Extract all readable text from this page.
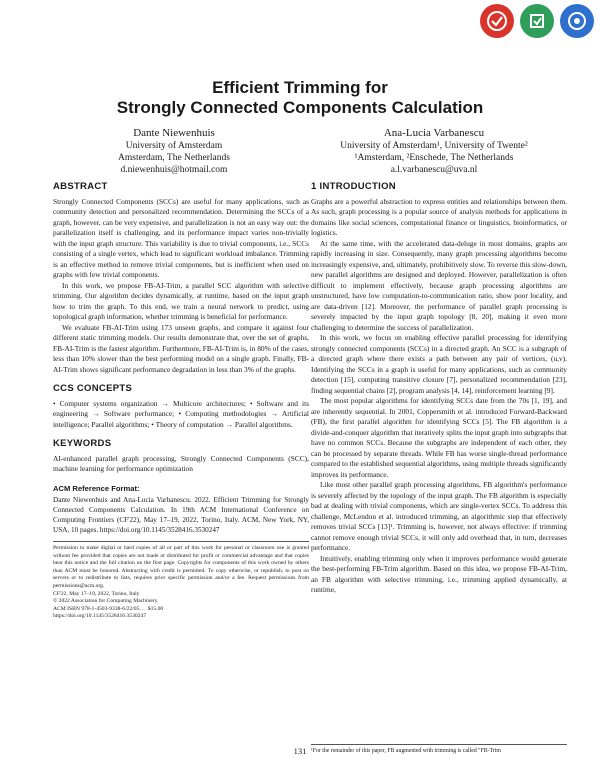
Efficient Trimming for
Strongly Connected Components Calculation
Dante Niewenhuis
University of Amsterdam
Amsterdam, The Netherlands
d.niewenhuis@hotmail.com
Ana-Lucia Varbanescu
University of Amsterdam¹, University of Twente²
¹Amsterdam, ²Enschede, The Netherlands
a.l.varbanescu@uva.nl
ABSTRACT

Strongly Connected Components (SCCs) are useful for many applications, such as community detection and personalized recommendation. Determining the SCCs of a graph, however, can be very expensive, and parallelization is not an easy way out: the parallelization itself is challenging, and its performance impact varies non-trivially with the input graph structure. This variability is due to trivial components, i.e., SCCs consisting of a single vertex, which lead to significant workload imbalance. Trimming is an effective method to remove trivial components, but is inefficient when used on graphs with few trivial components.

In this work, we propose FB-AI-Trim, a parallel SCC algorithm with selective trimming. Our algorithm decides dynamically, at runtime, based on the input graph how to trim the graph. To this end, we train a neural network to predict, using topological graph information, whether trimming is beneficial for performance.

We evaluate FB-AI-Trim using 173 unseen graphs, and compare it against four different static trimming models. Our results demonstrate that, over the set of graphs, FB-AI-Trim is the fastest algorithm. Furthermore, FB-AI-Trim is, in 80% of the cases, less than 10% slower than the best performing model on a single graph. Finally, FB-AI-Trim shows significant performance degradation in less than 3% of the graphs.

CCS CONCEPTS

• Computer systems organization → Multicore architectures; • Software and its engineering → Software performance; • Computing methodologies → Artificial intelligence; Parallel algorithms; • Theory of computation → Parallel algorithms.

KEYWORDS

AI-enhanced parallel graph processing, Strongly Connected Components (SCC), machine learning for performance optimization

ACM Reference Format:

Dante Niewenhuis and Ana-Lucia Varbanescu. 2022. Efficient Trimming for Strongly Connected Components Calculation. In 19th ACM International Conference on Computing Frontiers (CF'22), May 17–19, 2022, Torino, Italy. ACM, New York, NY, USA, 10 pages. https://doi.org/10.1145/3528416.3530247

Permission to make digital or hard copies of all or part of this work for personal or classroom use is granted without fee provided that copies are not made or distributed for profit or commercial advantage and that copies bear this notice and the full citation on the first page. Copyrights for components of this work owned by others than ACM must be honored. Abstracting with credit is permitted. To copy otherwise, or republish, to post on servers or to redistribute to lists, requires prior specific permission and/or a fee. Request permissions from permissions@acm.org.

CF'22, May 17–19, 2022, Torino, Italy

© 2022 Association for Computing Machinery.

ACM ISBN 978-1-4503-9338-6/22/05. . . $15.00

https://doi.org/10.1145/3528416.3530247

1 INTRODUCTION

Graphs are a powerful abstraction to express entities and relationships between them. As such, graph processing is a popular source of analysis methods for applications in domains like social sciences, computational finance or linguistics, bioinformatics, or logistics.

At the same time, with the accelerated data-deluge in most domains, graphs are rapidly increasing in size. Consequently, many graph processing algorithms become increasingly expensive, and, ultimately, prohibitively slow. To reverse this slow-down, new parallel algorithms are designed and deployed. However, parallelization is often difficult to implement effectively, because graph processing algorithms are unstructured, have low computation-to-communication ratio, show poor locality, and are data-driven [12]. Moreover, the performance of parallel graph processing is severely impacted by the input graph topology [8, 20], making it even more challenging to determine the success of parallelization.

In this work, we focus on enabling effective parallel processing for identifying strongly connected components (SCCs) in a directed graph. An SCC is a subgraph of a directed graph where there exists a path between any pair of vertices, (u,v). Identifying the SCCs in a graph is useful for many applications, such as community detection [15], computing transitive closure [7], personalized recommendation [23], finding sequential chains [2], program analysis [4, 14], reinforcement learning [9].

The most popular algorithms for identifying SCCs date from the 70s [1, 19], and are inherently sequential. In 2001, Coppersmith et al. introduced Forward-Backward (FB), the first parallel algorithm for identifying SCCs [5]. The FB algorithm is a divide-and-conquer algorithm that iteratively splits the input graph into subgraphs that have no common SCCs. Because the subgraphs are independent of each other, they can be processed by separate threads. While FB has worse single-thread performance compared to the established sequential algorithms, using multiple threads significantly improves its performance.

Like most other parallel graph processing algorithms, FB algorithm's performance is severely affected by the topology of the input graph. The FB algorithm is especially bad at dealing with trivial components, which are single-vertex SCCs. To address this challenge, McLendon et al. introduced trimming, an algorithmic step that effectively removes trivial SCCs [13]¹. Trimming is, however, not always effective: if trimming cannot remove enough trivial SCCs, it will only add overhead that, in turn, decreases performance.

Intuitively, enabling trimming only when it improves performance would generate the best-performing FB-Trim algorithm. Based on this idea, we propose FB-AI-Trim, an FB algorithm with selective trimming, i.e., trimming applied dynamically, at runtime,

¹For the remainder of this paper, FB augmented with trimming is called "FB-Trim
131
